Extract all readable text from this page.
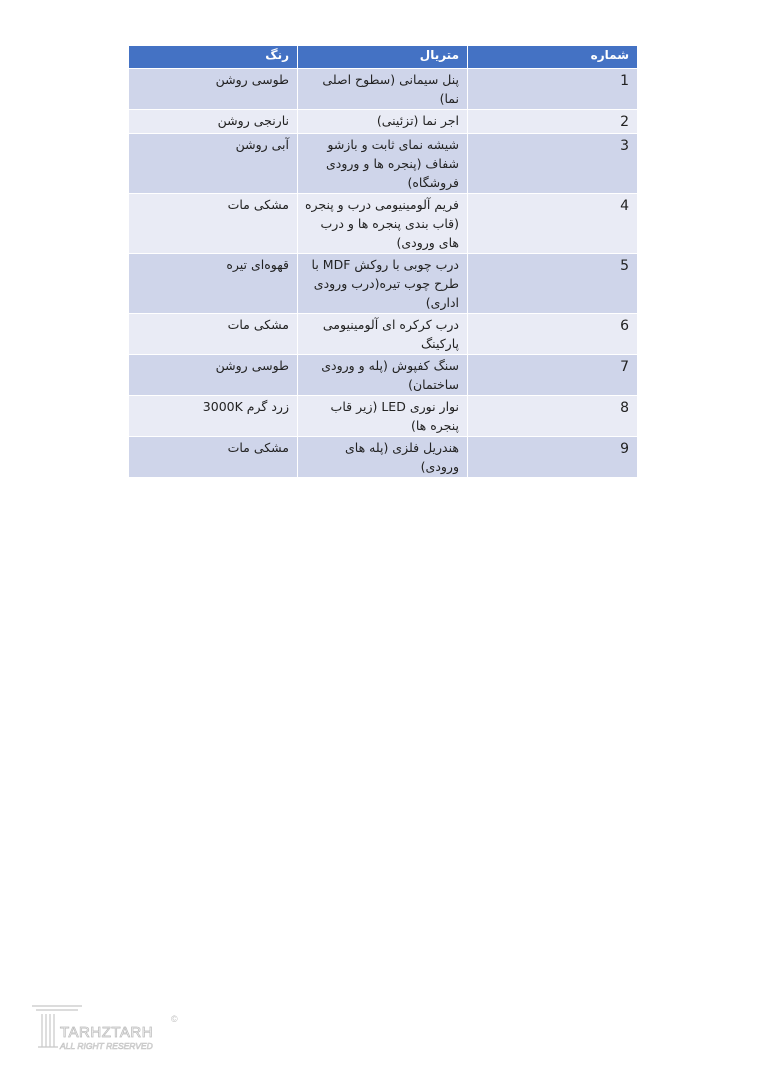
شماره	متریال	رنگ
1	پنل سیمانی (سطوح اصلی نما)	طوسی روشن
2	اجر نما (تزئینی)	نارنجی روشن
3	شیشه نمای ثابت و بازشو شفاف (پنجره ها و ورودی فروشگاه)	آبی روشن
4	فریم آلومینیومی درب و پنجره (قاب بندی پنجره ها و درب های ورودی)	مشکی مات
5	درب چوبی با روکش MDF با طرح چوب تیره(درب ورودی اداری)	قهوه‌ای تیره
6	درب کرکره ای آلومینیومی پارکینگ	مشکی مات
7	سنگ کفپوش (پله و ورودی ساختمان)	طوسی روشن
8	نوار نوری LED (زیر قاب پنجره ها)	زرد گرم 3000K
9	هندریل فلزی (پله های ورودی)	مشکی مات
TARHZTARH
ALL RIGHT RESERVED
©
